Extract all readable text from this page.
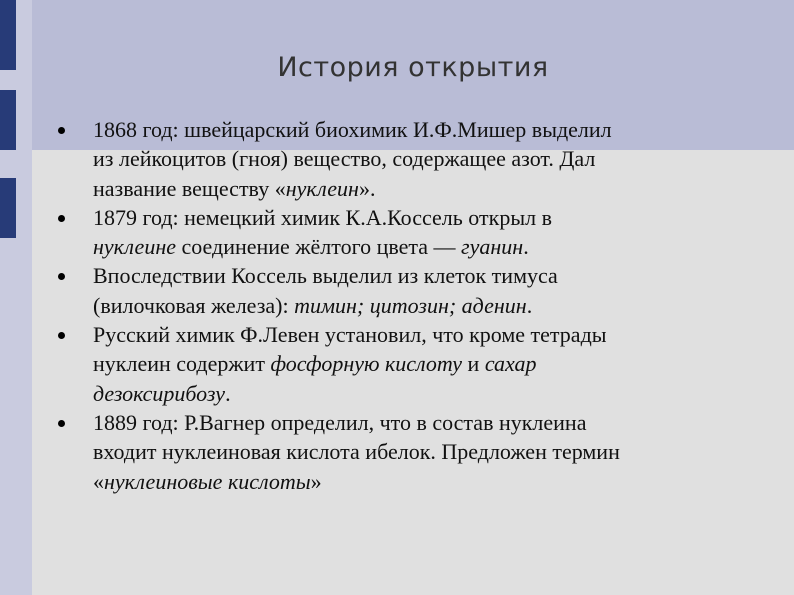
История открытия
1868 год: швейцарский биохимик И.Ф.Мишер выделил
из лейкоцитов (гноя) вещество, содержащее азот. Дал
название веществу «нуклеин».
1879 год: немецкий химик К.А.Коссель открыл в
нуклеине соединение жёлтого цвета — гуанин.
Впоследствии Коссель выделил из клеток тимуса
(вилочковая железа): тимин; цитозин; аденин.
Русский химик Ф.Левен установил, что кроме тетрады
нуклеин содержит фосфорную кислоту и сахар
дезоксирибозу.
1889 год: Р.Вагнер определил, что в состав нуклеина
входит нуклеиновая кислота ибелок. Предложен термин
«нуклеиновые кислоты»
